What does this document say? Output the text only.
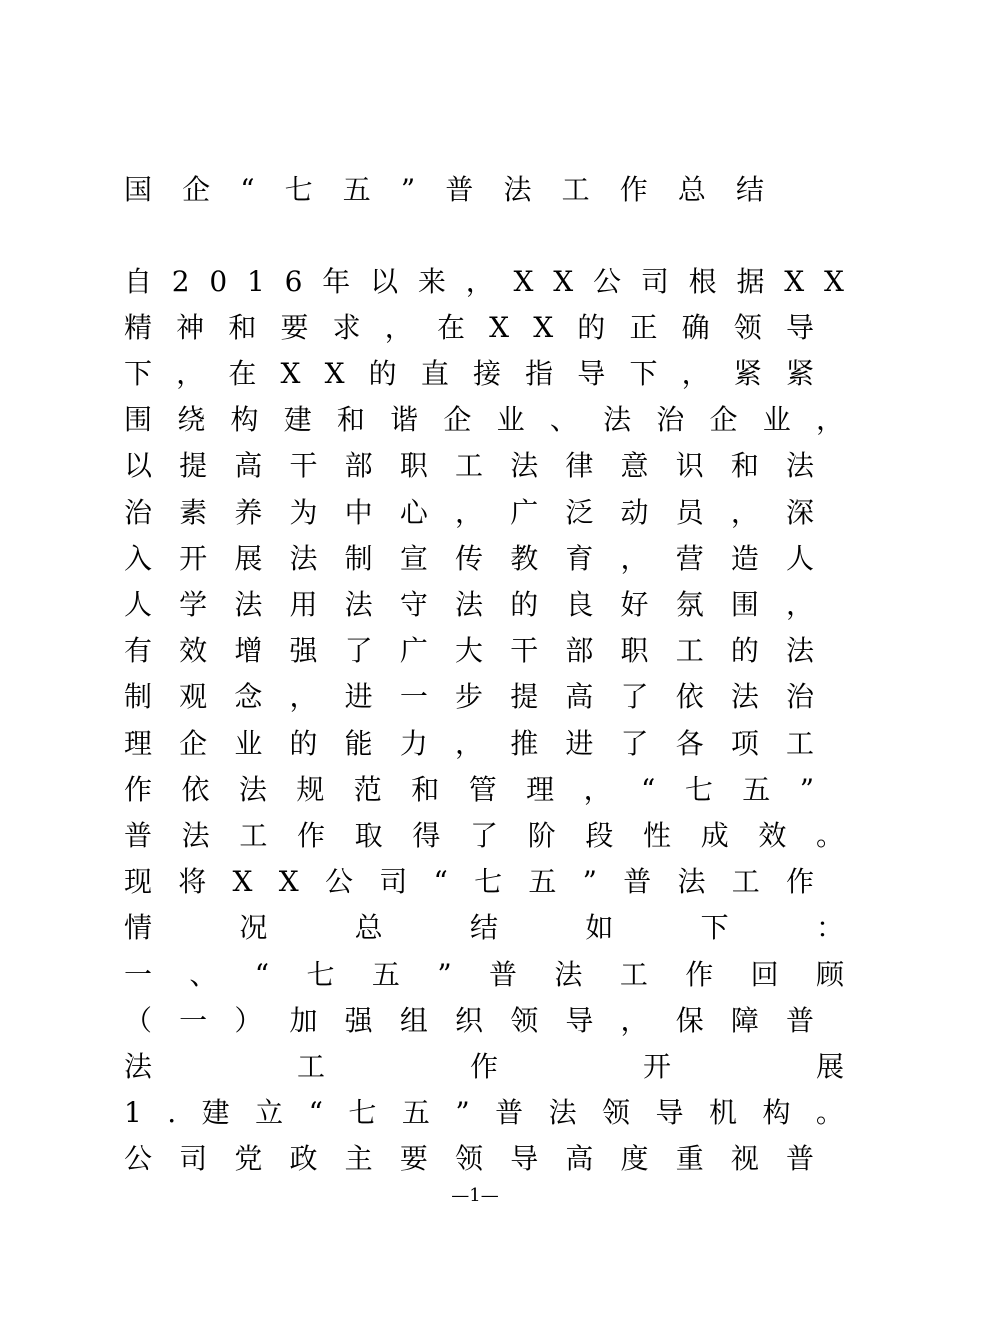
国企“七五”普法工作总结
自2016年以来，XX公司根据XX
精神和要求，在XX的正确领导
下，在XX的直接指导下，紧紧
围绕构建和谐企业、法治企业，
以提高干部职工法律意识和法
治素养为中心，广泛动员，深
入开展法制宣传教育，营造人
人学法用法守法的良好氛围，
有效增强了广大干部职工的法
制观念，进一步提高了依法治
理企业的能力，推进了各项工
作依法规范和管理，“七五”
普法工作取得了阶段性成效。
现将XX公司“七五”普法工作
情况总结如下：
一、“七五”普法工作回顾
（一）加强组织领导，保障普
法工作开展
1.建立“七五”普法领导机构。
公司党政主要领导高度重视普
—1—
